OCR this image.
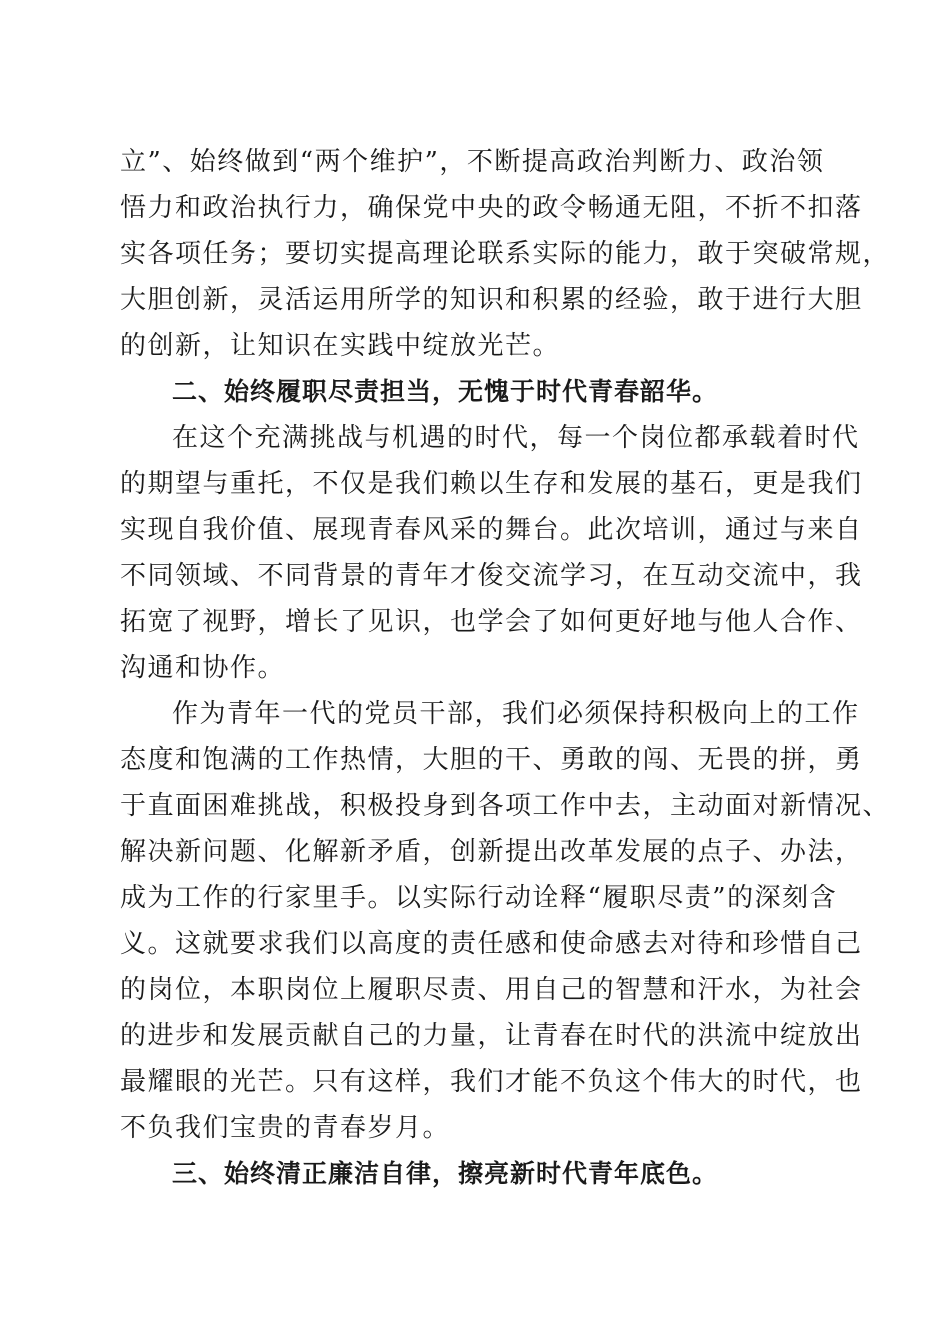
立”、始终做到“两个维护”，不断提高政治判断力、政治领
悟力和政治执行力，确保党中央的政令畅通无阻，不折不扣落
实各项任务；要切实提高理论联系实际的能力，敢于突破常规，
大胆创新，灵活运用所学的知识和积累的经验，敢于进行大胆
的创新，让知识在实践中绽放光芒。
二、始终履职尽责担当，无愧于时代青春韶华。
在这个充满挑战与机遇的时代，每一个岗位都承载着时代
的期望与重托，不仅是我们赖以生存和发展的基石，更是我们
实现自我价值、展现青春风采的舞台。此次培训，通过与来自
不同领域、不同背景的青年才俊交流学习，在互动交流中，我
拓宽了视野，增长了见识，也学会了如何更好地与他人合作、
沟通和协作。
作为青年一代的党员干部，我们必须保持积极向上的工作
态度和饱满的工作热情，大胆的干、勇敢的闯、无畏的拼，勇
于直面困难挑战，积极投身到各项工作中去，主动面对新情况、
解决新问题、化解新矛盾，创新提出改革发展的点子、办法，
成为工作的行家里手。以实际行动诠释“履职尽责”的深刻含
义。这就要求我们以高度的责任感和使命感去对待和珍惜自己
的岗位，本职岗位上履职尽责、用自己的智慧和汗水，为社会
的进步和发展贡献自己的力量，让青春在时代的洪流中绽放出
最耀眼的光芒。只有这样，我们才能不负这个伟大的时代，也
不负我们宝贵的青春岁月。
三、始终清正廉洁自律，擦亮新时代青年底色。
